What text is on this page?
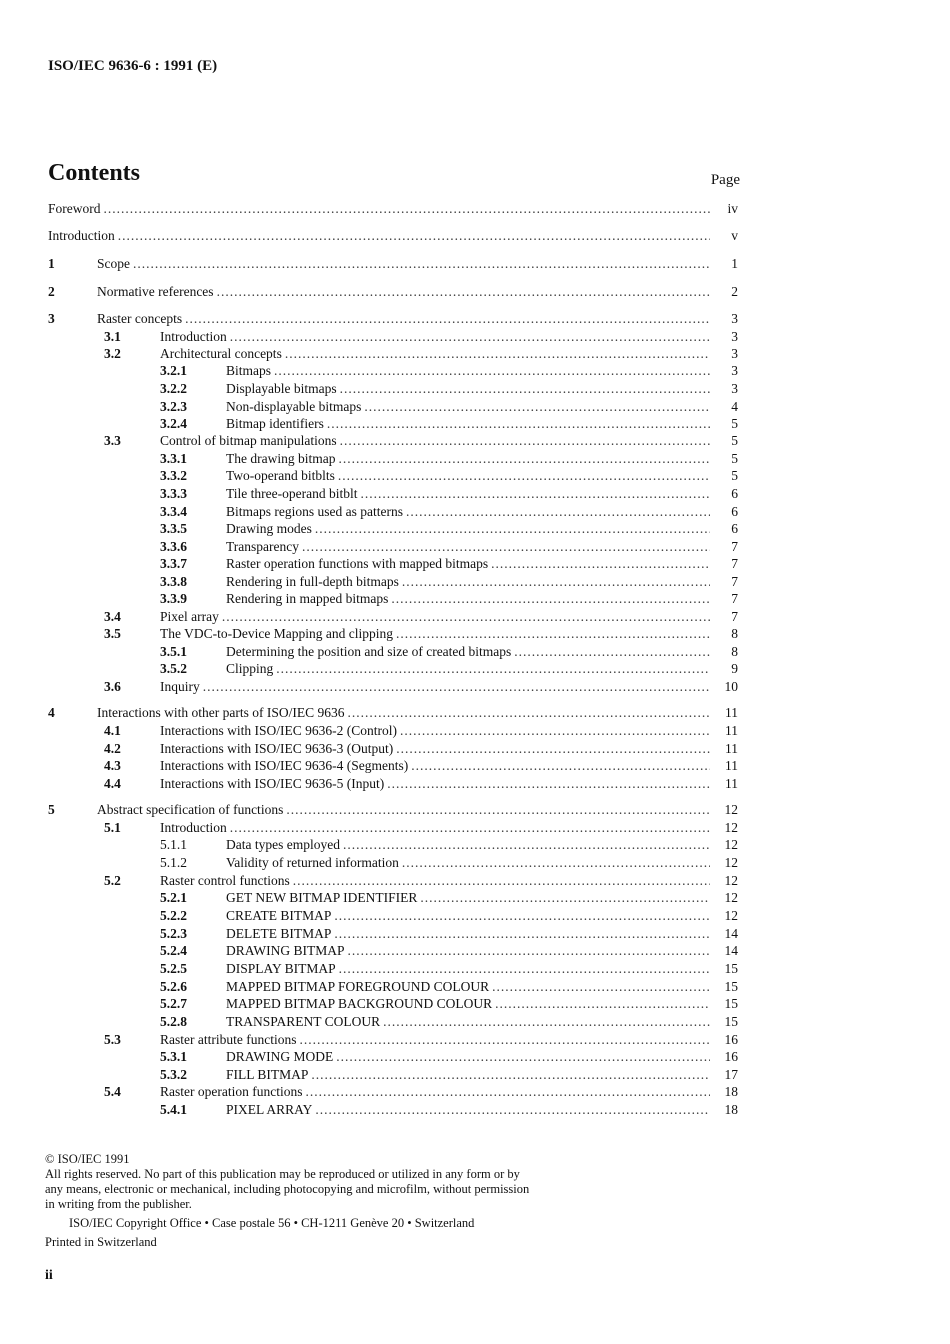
ISO/IEC 9636-6 : 1991 (E)
Contents	Page
Foreword .....	iv
Introduction .....	v
1	Scope .....	1
2	Normative references .....	2
3	Raster concepts .....	3
3.1	Introduction .....	3
3.2	Architectural concepts .....	3
3.2.1	Bitmaps .....	3
3.2.2	Displayable bitmaps .....	3
3.2.3	Non-displayable bitmaps .....	4
3.2.4	Bitmap identifiers .....	5
3.3	Control of bitmap manipulations .....	5
3.3.1	The drawing bitmap .....	5
3.3.2	Two-operand bitblts .....	5
3.3.3	Tile three-operand bitblt .....	6
3.3.4	Bitmaps regions used as patterns .....	6
3.3.5	Drawing modes .....	6
3.3.6	Transparency .....	7
3.3.7	Raster operation functions with mapped bitmaps .....	7
3.3.8	Rendering in full-depth bitmaps .....	7
3.3.9	Rendering in mapped bitmaps .....	7
3.4	Pixel array .....	7
3.5	The VDC-to-Device Mapping and clipping .....	8
3.5.1	Determining the position and size of created bitmaps .....	8
3.5.2	Clipping .....	9
3.6	Inquiry .....	10
4	Interactions with other parts of ISO/IEC 9636 .....	11
4.1	Interactions with ISO/IEC 9636-2 (Control) .....	11
4.2	Interactions with ISO/IEC 9636-3 (Output) .....	11
4.3	Interactions with ISO/IEC 9636-4 (Segments) .....	11
4.4	Interactions with ISO/IEC 9636-5 (Input) .....	11
5	Abstract specification of functions .....	12
5.1	Introduction .....	12
5.1.1	Data types employed .....	12
5.1.2	Validity of returned information .....	12
5.2	Raster control functions .....	12
5.2.1	GET NEW BITMAP IDENTIFIER .....	12
5.2.2	CREATE BITMAP .....	12
5.2.3	DELETE BITMAP .....	14
5.2.4	DRAWING BITMAP .....	14
5.2.5	DISPLAY BITMAP .....	15
5.2.6	MAPPED BITMAP FOREGROUND COLOUR .....	15
5.2.7	MAPPED BITMAP BACKGROUND COLOUR .....	15
5.2.8	TRANSPARENT COLOUR .....	15
5.3	Raster attribute functions .....	16
5.3.1	DRAWING MODE .....	16
5.3.2	FILL BITMAP .....	17
5.4	Raster operation functions .....	18
5.4.1	PIXEL ARRAY .....	18
© ISO/IEC 1991
All rights reserved. No part of this publication may be reproduced or utilized in any form or by
any means, electronic or mechanical, including photocopying and microfilm, without permission
in writing from the publisher.
ISO/IEC Copyright Office • Case postale 56 • CH-1211 Genève 20 • Switzerland
Printed in Switzerland
ii
